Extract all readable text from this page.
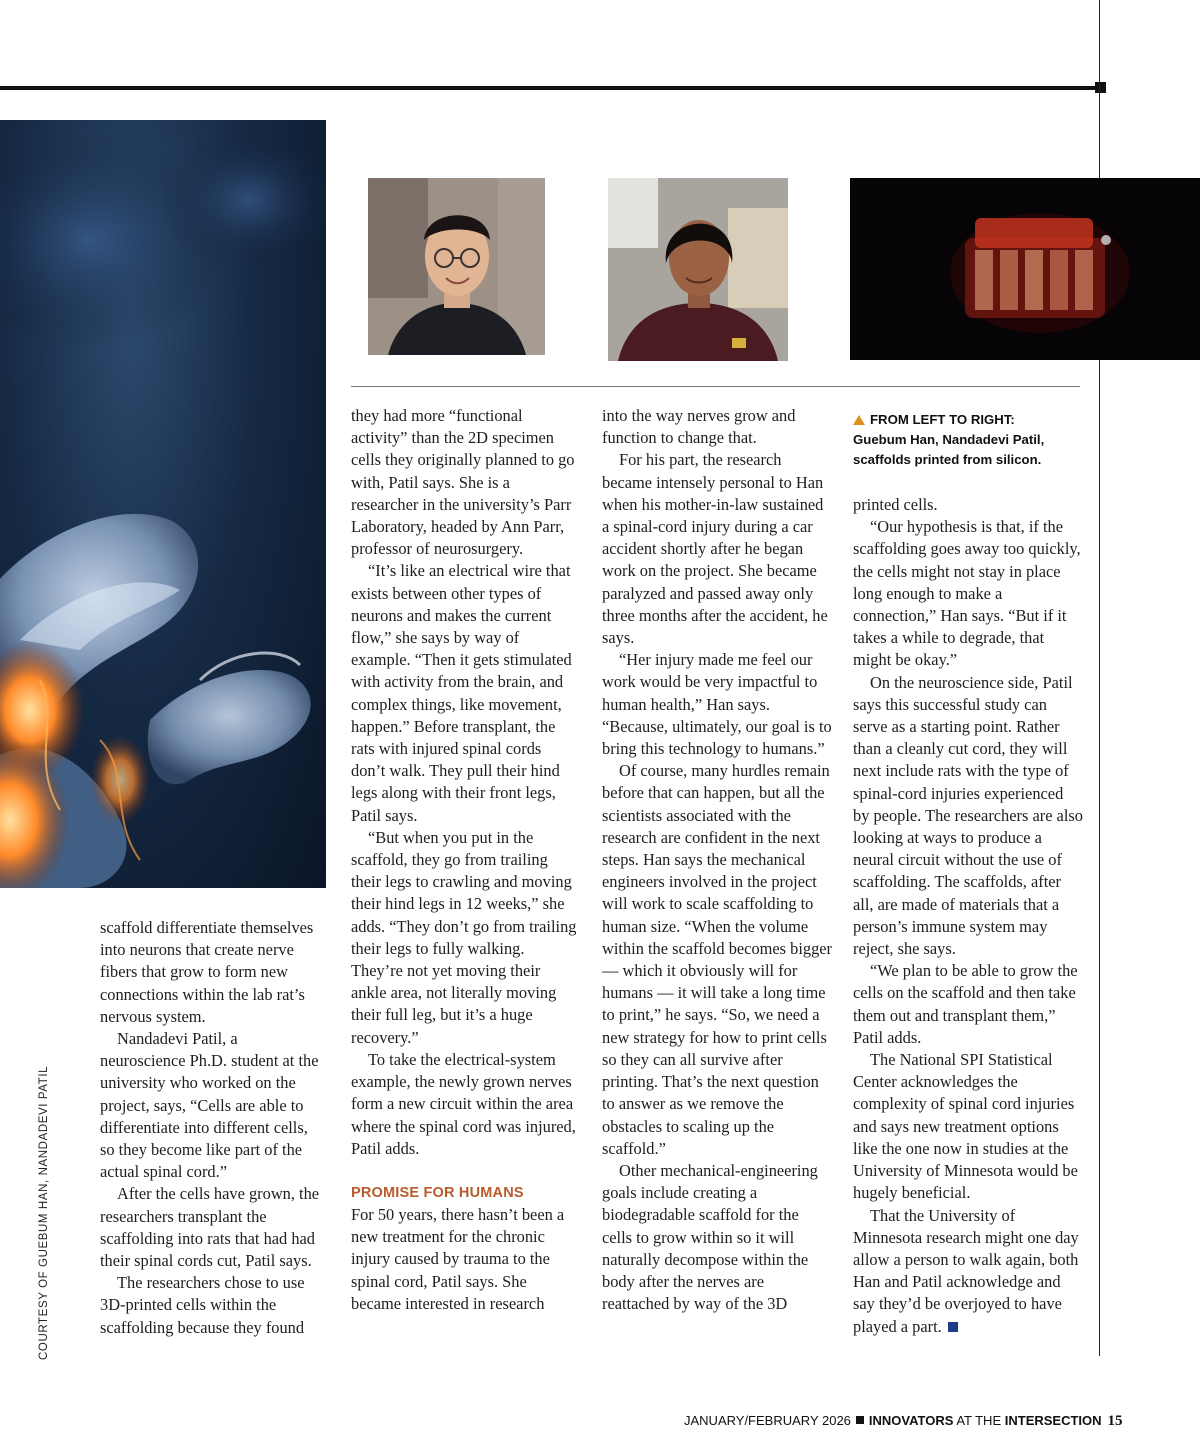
COURTESY OF GUEBUM HAN, NANDADEVI PATIL

scaffold differentiate themselves into neurons that create nerve fibers that grow to form new connections within the lab rat’s nervous system.

Nandadevi Patil, a neuroscience Ph.D. student at the university who worked on the project, says, “Cells are able to differentiate into different cells, so they become like part of the actual spinal cord.”

After the cells have grown, the researchers transplant the scaffolding into rats that had had their spinal cords cut, Patil says.

The researchers chose to use 3D-printed cells within the scaffolding because they found

they had more “functional activity” than the 2D specimen cells they originally planned to go with, Patil says. She is a researcher in the university’s Parr Laboratory, headed by Ann Parr, professor of neurosurgery.

“It’s like an electrical wire that exists between other types of neurons and makes the current flow,” she says by way of example. “Then it gets stimulated with activity from the brain, and complex things, like movement, happen.” Before transplant, the rats with injured spinal cords don’t walk. They pull their hind legs along with their front legs, Patil says.

“But when you put in the scaffold, they go from trailing their legs to crawling and moving their hind legs in 12 weeks,” she adds. “They don’t go from trailing their legs to fully walking. They’re not yet moving their ankle area, not literally moving their full leg, but it’s a huge recovery.”

To take the electrical-system example, the newly grown nerves form a new circuit within the area where the spinal cord was injured, Patil adds.

PROMISE FOR HUMANS

For 50 years, there hasn’t been a new treatment for the chronic injury caused by trauma to the spinal cord, Patil says. She became interested in research

into the way nerves grow and function to change that.

For his part, the research became intensely personal to Han when his mother-in-law sustained a spinal-cord injury during a car accident shortly after he began work on the project. She became paralyzed and passed away only three months after the accident, he says.

“Her injury made me feel our work would be very impactful to human health,” Han says. “Because, ultimately, our goal is to bring this technology to humans.”

Of course, many hurdles remain before that can happen, but all the scientists associated with the research are confident in the next steps. Han says the mechanical engineers involved in the project will work to scale scaffolding to human size. “When the volume within the scaffold becomes bigger — which it obviously will for humans — it will take a long time to print,” he says. “So, we need a new strategy for how to print cells so they can all survive after printing. That’s the next question to answer as we remove the obstacles to scaling up the scaffold.”

Other mechanical-engineering goals include creating a biodegradable scaffold for the cells to grow within so it will naturally decompose within the body after the nerves are reattached by way of the 3D

FROM LEFT TO RIGHT:
Guebum Han, Nandadevi Patil, scaffolds printed from silicon.

printed cells.

“Our hypothesis is that, if the scaffolding goes away too quickly, the cells might not stay in place long enough to make a connection,” Han says. “But if it takes a while to degrade, that might be okay.”

On the neuroscience side, Patil says this successful study can serve as a starting point. Rather than a cleanly cut cord, they will next include rats with the type of spinal-cord injuries experienced by people. The researchers are also looking at ways to produce a neural circuit without the use of scaffolding. The scaffolds, after all, are made of materials that a person’s immune system may reject, she says.

“We plan to be able to grow the cells on the scaffold and then take them out and transplant them,” Patil adds.

The National SPI Statistical Center acknowledges the complexity of spinal cord injuries and says new treatment options like the one now in studies at the University of Minnesota would be hugely beneficial.

That the University of Minnesota research might one day allow a person to walk again, both Han and Patil acknowledge and say they’d be overjoyed to have played a part.

JANUARY/FEBRUARY 2026 INNOVATORS AT THE INTERSECTION 15
